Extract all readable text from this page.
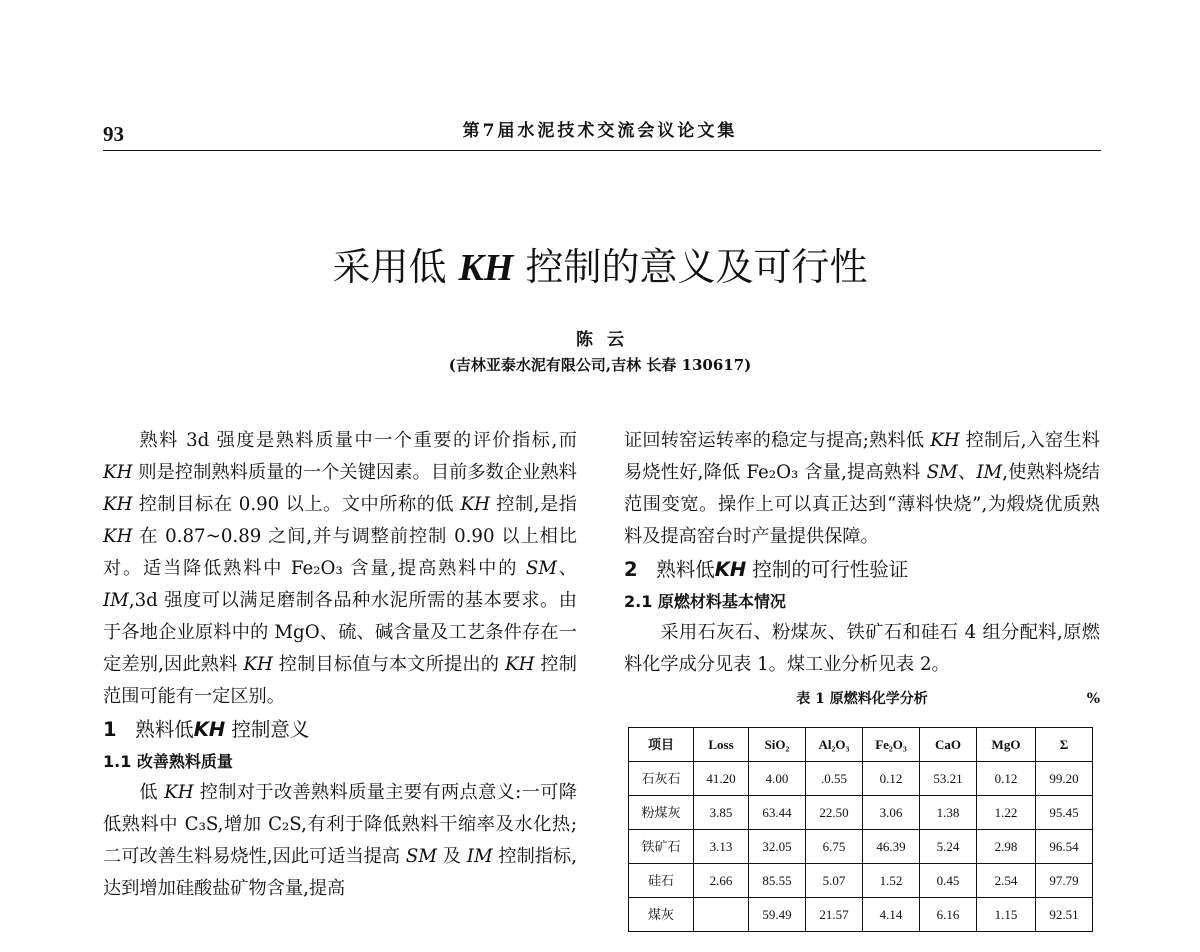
93	第7届水泥技术交流会议论文集
采用低 KH 控制的意义及可行性
陈云
(吉林亚泰水泥有限公司,吉林 长春 130617)

熟料 3d 强度是熟料质量中一个重要的评价指标,而 KH 则是控制熟料质量的一个关键因素。目前多数企业熟料 KH 控制目标在 0.90 以上。文中所称的低 KH 控制,是指 KH 在 0.87~0.89 之间,并与调整前控制 0.90 以上相比对。适当降低熟料中 Fe₂O₃ 含量,提高熟料中的 SM、IM,3d 强度可以满足磨制各品种水泥所需的基本要求。由于各地企业原料中的 MgO、硫、碱含量及工艺条件存在一定差别,因此熟料 KH 控制目标值与本文所提出的 KH 控制范围可能有一定区别。

1 熟料低KH 控制意义

1.1 改善熟料质量

低 KH 控制对于改善熟料质量主要有两点意义:一可降低熟料中 C₃S,增加 C₂S,有利于降低熟料干缩率及水化热;二可改善生料易烧性,因此可适当提高 SM 及 IM 控制指标,达到增加硅酸盐矿物含量,提高

证回转窑运转率的稳定与提高;熟料低 KH 控制后,入窑生料易烧性好,降低 Fe₂O₃ 含量,提高熟料 SM、IM,使熟料烧结范围变宽。操作上可以真正达到“薄料快烧”,为煅烧优质熟料及提高窑台时产量提供保障。

2 熟料低KH 控制的可行性验证

2.1 原燃材料基本情况

采用石灰石、粉煤灰、铁矿石和硅石 4 组分配料,原燃料化学成分见表 1。煤工业分析见表 2。

表 1 原燃料化学分析	%
项目	Loss	SiO₂	Al₂O₃	Fe₂O₃	CaO	MgO	Σ
石灰石	41.20	4.00	.0.55	0.12	53.21	0.12	99.20
粉煤灰	3.85	63.44	22.50	3.06	1.38	1.22	95.45
铁矿石	3.13	32.05	6.75	46.39	5.24	2.98	96.54
硅石	2.66	85.55	5.07	1.52	0.45	2.54	97.79
煤灰		59.49	21.57	4.14	6.16	1.15	92.51
